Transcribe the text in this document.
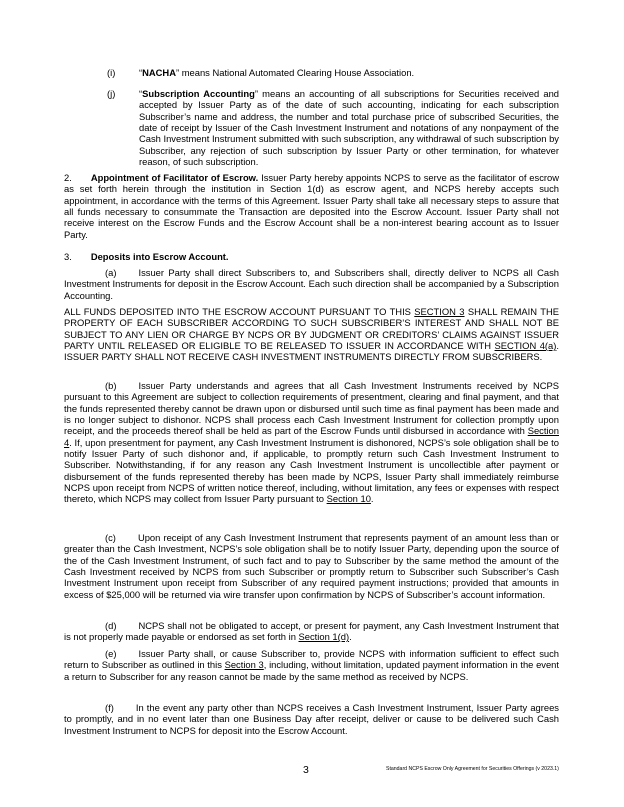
(i)	“NACHA” means National Automated Clearing House Association.

(j)	“Subscription Accounting” means an accounting of all subscriptions for Securities received and accepted by Issuer Party as of the date of such accounting, indicating for each subscription Subscriber’s name and address, the number and total purchase price of subscribed Securities, the date of receipt by Issuer of the Cash Investment Instrument and notations of any nonpayment of the Cash Investment Instrument submitted with such subscription, any withdrawal of such subscription by Subscriber, any rejection of such subscription by Issuer Party or other termination, for whatever reason, of such subscription.

2. Appointment of Facilitator of Escrow. Issuer Party hereby appoints NCPS to serve as the facilitator of escrow as set forth herein through the institution in Section 1(d) as escrow agent, and NCPS hereby accepts such appointment, in accordance with the terms of this Agreement. Issuer Party shall take all necessary steps to assure that all funds necessary to consummate the Transaction are deposited into the Escrow Account. Issuer Party shall not receive interest on the Escrow Funds and the Escrow Account shall be a non-interest bearing account as to Issuer Party.

3. Deposits into Escrow Account.

(a) Issuer Party shall direct Subscribers to, and Subscribers shall, directly deliver to NCPS all Cash Investment Instruments for deposit in the Escrow Account. Each such direction shall be accompanied by a Subscription Accounting.

ALL FUNDS DEPOSITED INTO THE ESCROW ACCOUNT PURSUANT TO THIS SECTION 3 SHALL REMAIN THE PROPERTY OF EACH SUBSCRIBER ACCORDING TO SUCH SUBSCRIBER’S INTEREST AND SHALL NOT BE SUBJECT TO ANY LIEN OR CHARGE BY NCPS OR BY JUDGMENT OR CREDITORS’ CLAIMS AGAINST ISSUER PARTY UNTIL RELEASED OR ELIGIBLE TO BE RELEASED TO ISSUER IN ACCORDANCE WITH SECTION 4(a). ISSUER PARTY SHALL NOT RECEIVE CASH INVESTMENT INSTRUMENTS DIRECTLY FROM SUBSCRIBERS.

(b) Issuer Party understands and agrees that all Cash Investment Instruments received by NCPS pursuant to this Agreement are subject to collection requirements of presentment, clearing and final payment, and that the funds represented thereby cannot be drawn upon or disbursed until such time as final payment has been made and is no longer subject to dishonor. NCPS shall process each Cash Investment Instrument for collection promptly upon receipt, and the proceeds thereof shall be held as part of the Escrow Funds until disbursed in accordance with Section 4. If, upon presentment for payment, any Cash Investment Instrument is dishonored, NCPS’s sole obligation shall be to notify Issuer Party of such dishonor and, if applicable, to promptly return such Cash Investment Instrument to Subscriber. Notwithstanding, if for any reason any Cash Investment Instrument is uncollectible after payment or disbursement of the funds represented thereby has been made by NCPS, Issuer Party shall immediately reimburse NCPS upon receipt from NCPS of written notice thereof, including, without limitation, any fees or expenses with respect thereto, which NCPS may collect from Issuer Party pursuant to Section 10.

(c) Upon receipt of any Cash Investment Instrument that represents payment of an amount less than or greater than the Cash Investment, NCPS’s sole obligation shall be to notify Issuer Party, depending upon the source of the of the Cash Investment Instrument, of such fact and to pay to Subscriber by the same method the amount of the Cash Investment received by NCPS from such Subscriber or promptly return to Subscriber such Subscriber’s Cash Investment Instrument upon receipt from Subscriber of any required payment instructions; provided that amounts in excess of $25,000 will be returned via wire transfer upon confirmation by NCPS of Subscriber’s account information.

(d) NCPS shall not be obligated to accept, or present for payment, any Cash Investment Instrument that is not properly made payable or endorsed as set forth in Section 1(d).

(e) Issuer Party shall, or cause Subscriber to, provide NCPS with information sufficient to effect such return to Subscriber as outlined in this Section 3, including, without limitation, updated payment information in the event a return to Subscriber for any reason cannot be made by the same method as received by NCPS.

(f) In the event any party other than NCPS receives a Cash Investment Instrument, Issuer Party agrees to promptly, and in no event later than one Business Day after receipt, deliver or cause to be delivered such Cash Investment Instrument to NCPS for deposit into the Escrow Account.

3	Standard NCPS Escrow Only Agreement for Securities Offerings (v 2023.1)
